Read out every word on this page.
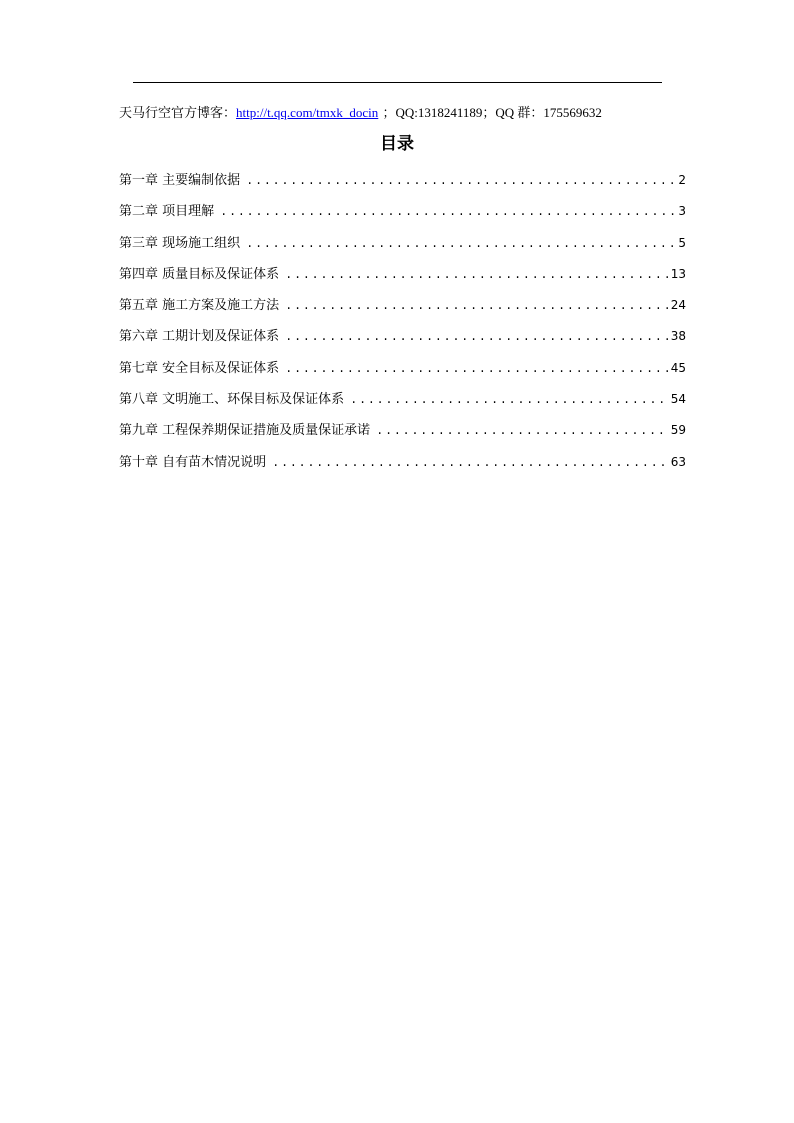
天马行空官方博客：http://t.qq.com/tmxk_docin ；QQ:1318241189；QQ 群：175569632
目录
第一章 主要编制依据 .....	2
第二章 项目理解 .....	3
第三章 现场施工组织 .....	5
第四章 质量目标及保证体系 .....	13
第五章 施工方案及施工方法 .....	24
第六章 工期计划及保证体系 .....	38
第七章 安全目标及保证体系 .....	45
第八章 文明施工、环保目标及保证体系 .....	54
第九章 工程保养期保证措施及质量保证承诺 .....	59
第十章 自有苗木情况说明 .....	63
